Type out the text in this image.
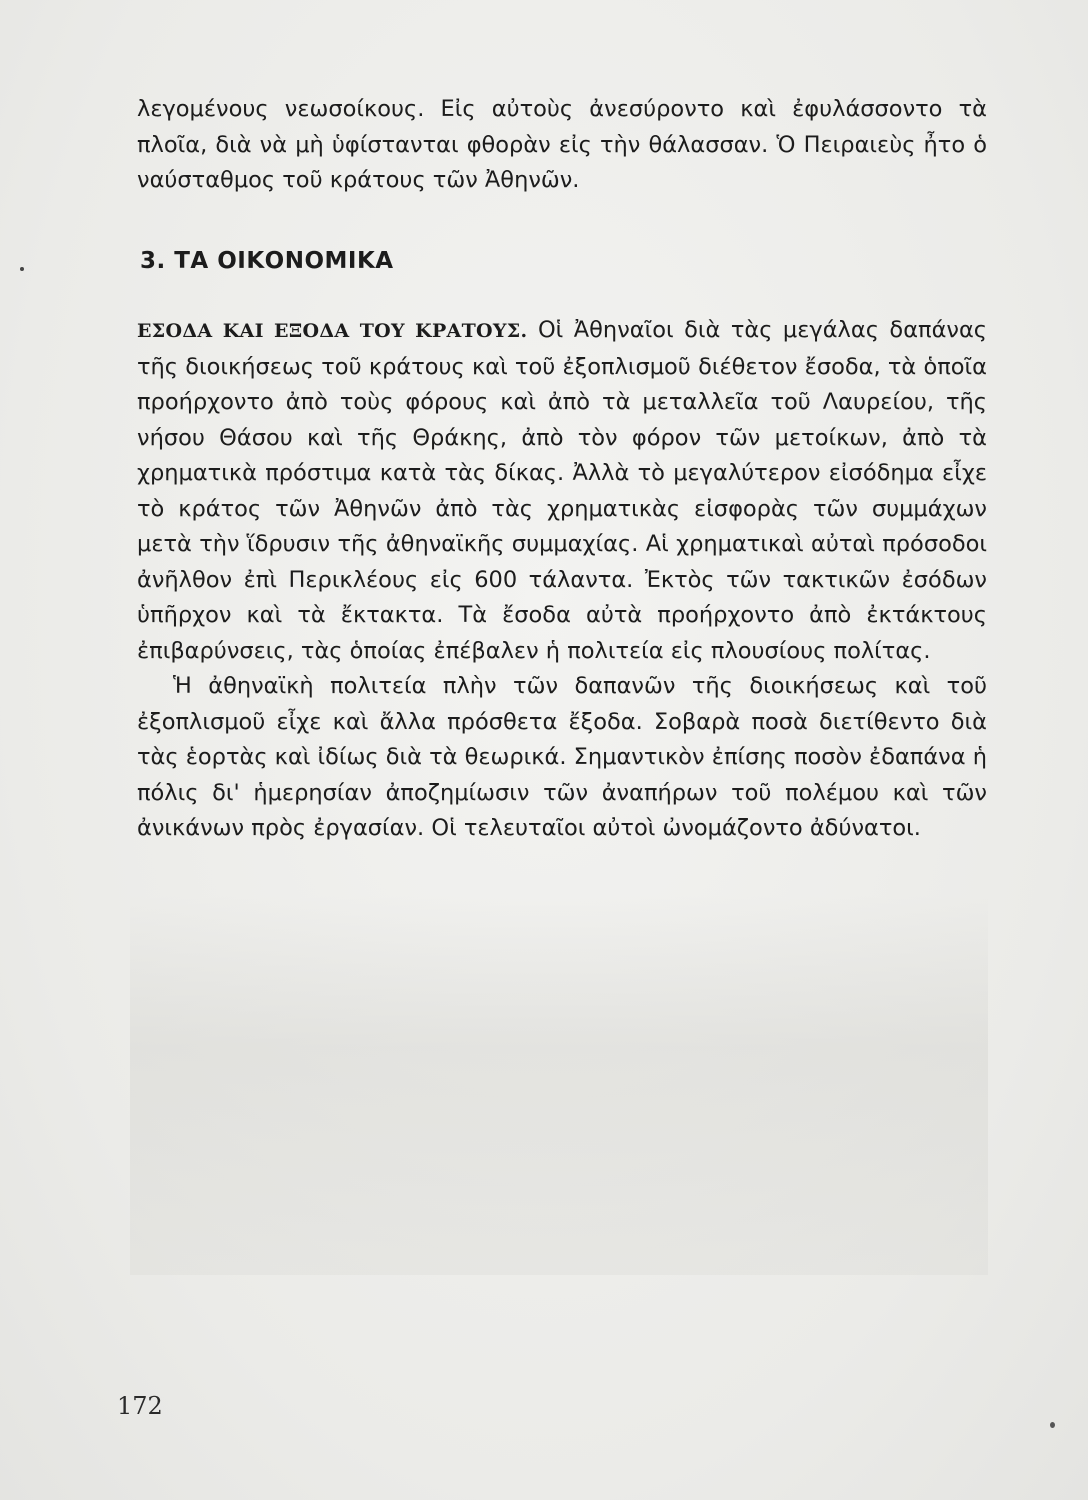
λεγομένους νεωσοίκους. Εἰς αὐτοὺς ἀνεσύροντο καὶ ἐφυλάσσοντο τὰ πλοῖα, διὰ νὰ μὴ ὑφίστανται φθορὰν εἰς τὴν θάλασσαν. Ὁ Πειραιεὺς ἦτο ὁ ναύσταθμος τοῦ κράτους τῶν Ἀθηνῶν.

3. ΤΑ ΟΙΚΟΝΟΜΙΚΑ

ΕΣΟΔΑ ΚΑΙ ΕΞΟΔΑ ΤΟΥ ΚΡΑΤΟΥΣ. Οἱ Ἀθηναῖοι διὰ τὰς μεγάλας δαπάνας τῆς διοικήσεως τοῦ κράτους καὶ τοῦ ἐξοπλισμοῦ διέθετον ἔσοδα, τὰ ὁποῖα προήρχοντο ἀπὸ τοὺς φόρους καὶ ἀπὸ τὰ μεταλλεῖα τοῦ Λαυρείου, τῆς νήσου Θάσου καὶ τῆς Θράκης, ἀπὸ τὸν φόρον τῶν μετοίκων, ἀπὸ τὰ χρηματικὰ πρόστιμα κατὰ τὰς δίκας. Ἀλλὰ τὸ μεγαλύτερον εἰσόδημα εἶχε τὸ κράτος τῶν Ἀθηνῶν ἀπὸ τὰς χρηματικὰς εἰσφορὰς τῶν συμμάχων μετὰ τὴν ἵδρυσιν τῆς ἀθηναϊκῆς συμμαχίας. Αἱ χρηματικαὶ αὐταὶ πρόσοδοι ἀνῆλθον ἐπὶ Περικλέους εἰς 600 τάλαντα. Ἐκτὸς τῶν τακτικῶν ἐσόδων ὑπῆρχον καὶ τὰ ἔκτακτα. Τὰ ἔσοδα αὐτὰ προήρχοντο ἀπὸ ἐκτάκτους ἐπιβαρύνσεις, τὰς ὁποίας ἐπέβαλεν ἡ πολιτεία εἰς πλουσίους πολίτας.

Ἡ ἀθηναϊκὴ πολιτεία πλὴν τῶν δαπανῶν τῆς διοικήσεως καὶ τοῦ ἐξοπλισμοῦ εἶχε καὶ ἄλλα πρόσθετα ἔξοδα. Σοβαρὰ ποσὰ διετίθεντο διὰ τὰς ἑορτὰς καὶ ἰδίως διὰ τὰ θεωρικά. Σημαντικὸν ἐπίσης ποσὸν ἐδαπάνα ἡ πόλις δι' ἡμερησίαν ἀποζημίωσιν τῶν ἀναπήρων τοῦ πολέμου καὶ τῶν ἀνικάνων πρὸς ἐργασίαν. Οἱ τελευταῖοι αὐτοὶ ὠνομάζοντο ἀδύνατοι.

172
